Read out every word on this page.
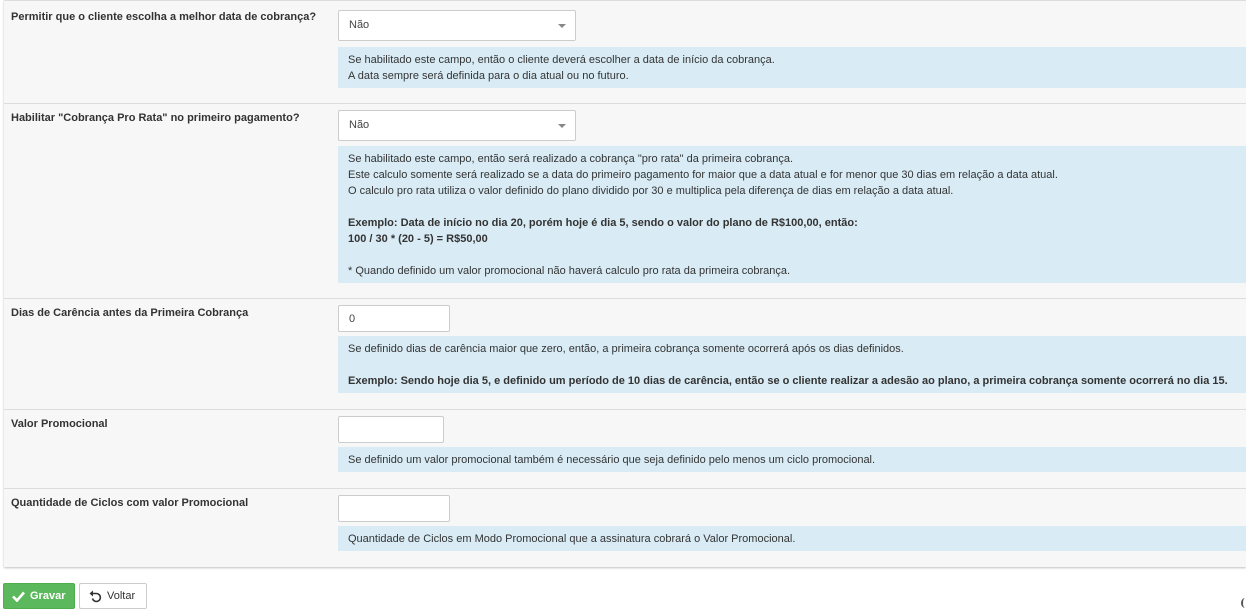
Permitir que o cliente escolha a melhor data de cobrança?
Não
Se habilitado este campo, então o cliente deverá escolher a data de início da cobrança.
A data sempre será definida para o dia atual ou no futuro.
Habilitar "Cobrança Pro Rata" no primeiro pagamento?
Não
Se habilitado este campo, então será realizado a cobrança "pro rata" da primeira cobrança.
Este calculo somente será realizado se a data do primeiro pagamento for maior que a data atual e for menor que 30 dias em relação a data atual.
O calculo pro rata utiliza o valor definido do plano dividido por 30 e multiplica pela diferença de dias em relação a data atual.
Exemplo: Data de início no dia 20, porém hoje é dia 5, sendo o valor do plano de R$100,00, então:
100 / 30 * (20 - 5) = R$50,00
* Quando definido um valor promocional não haverá calculo pro rata da primeira cobrança.
Dias de Carência antes da Primeira Cobrança	0
Se definido dias de carência maior que zero, então, a primeira cobrança somente ocorrerá após os dias definidos.
Exemplo: Sendo hoje dia 5, e definido um período de 10 dias de carência, então se o cliente realizar a adesão ao plano, a primeira cobrança somente ocorrerá no dia 15.
Valor Promocional
Se definido um valor promocional também é necessário que seja definido pelo menos um ciclo promocional.
Quantidade de Ciclos com valor Promocional
Quantidade de Ciclos em Modo Promocional que a assinatura cobrará o Valor Promocional.
Gravar	Voltar
